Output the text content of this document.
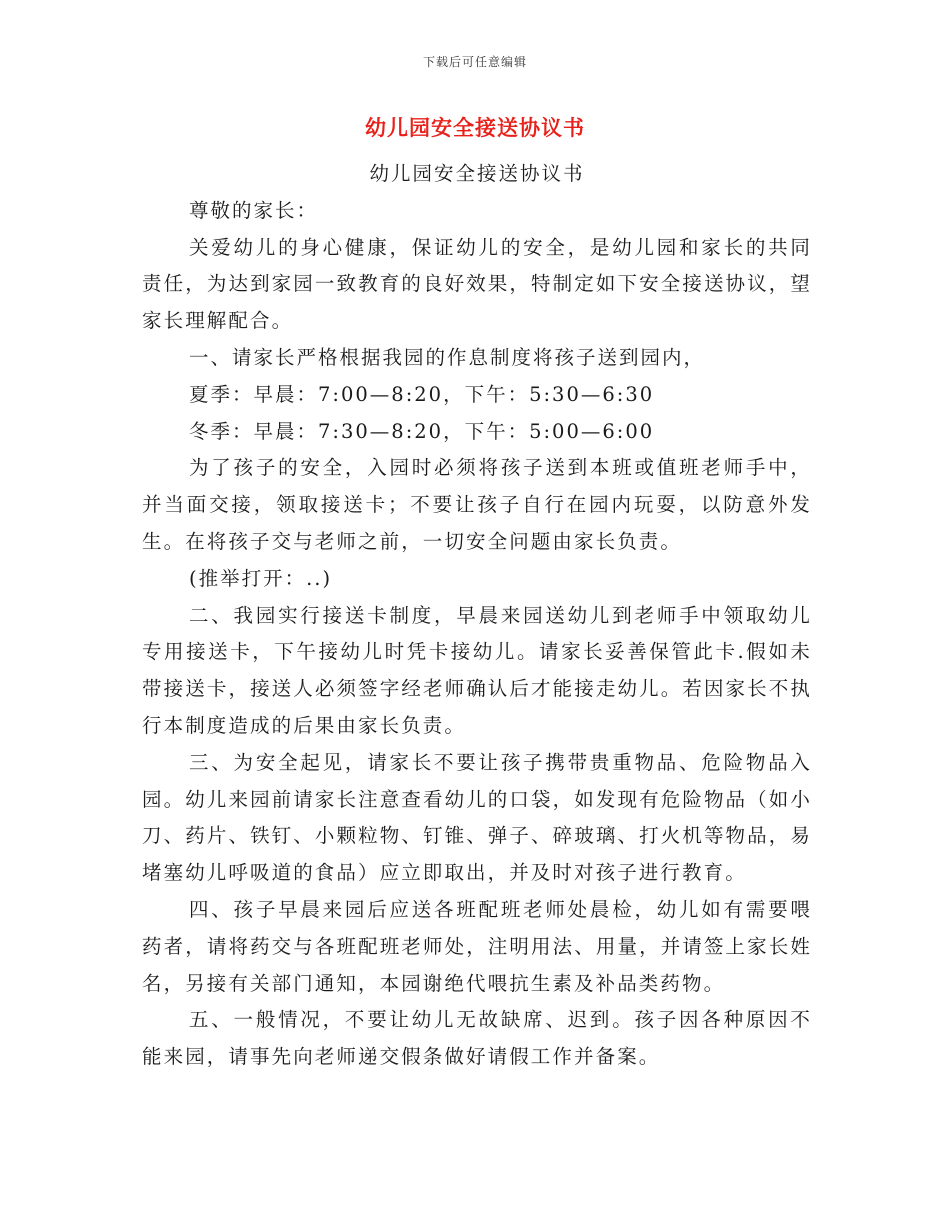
下载后可任意编辑
幼儿园安全接送协议书

幼儿园安全接送协议书

尊敬的家长：

关爱幼儿的身心健康，保证幼儿的安全，是幼儿园和家长的共同责任，为达到家园一致教育的良好效果，特制定如下安全接送协议，望家长理解配合。

一、请家长严格根据我园的作息制度将孩子送到园内，

夏季：早晨：7:00—8:20，下午：5:30—6:30

冬季：早晨：7:30—8:20，下午：5:00—6:00

为了孩子的安全，入园时必须将孩子送到本班或值班老师手中，并当面交接，领取接送卡；不要让孩子自行在园内玩耍，以防意外发生。在将孩子交与老师之前，一切安全问题由家长负责。

(推举打开：..)

二、我园实行接送卡制度，早晨来园送幼儿到老师手中领取幼儿专用接送卡，下午接幼儿时凭卡接幼儿。请家长妥善保管此卡.假如未带接送卡，接送人必须签字经老师确认后才能接走幼儿。若因家长不执行本制度造成的后果由家长负责。

三、为安全起见，请家长不要让孩子携带贵重物品、危险物品入园。幼儿来园前请家长注意查看幼儿的口袋，如发现有危险物品（如小刀、药片、铁钉、小颗粒物、钉锥、弹子、碎玻璃、打火机等物品，易堵塞幼儿呼吸道的食品）应立即取出，并及时对孩子进行教育。

四、孩子早晨来园后应送各班配班老师处晨检，幼儿如有需要喂药者，请将药交与各班配班老师处，注明用法、用量，并请签上家长姓名，另接有关部门通知，本园谢绝代喂抗生素及补品类药物。

五、一般情况，不要让幼儿无故缺席、迟到。孩子因各种原因不能来园，请事先向老师递交假条做好请假工作并备案。
